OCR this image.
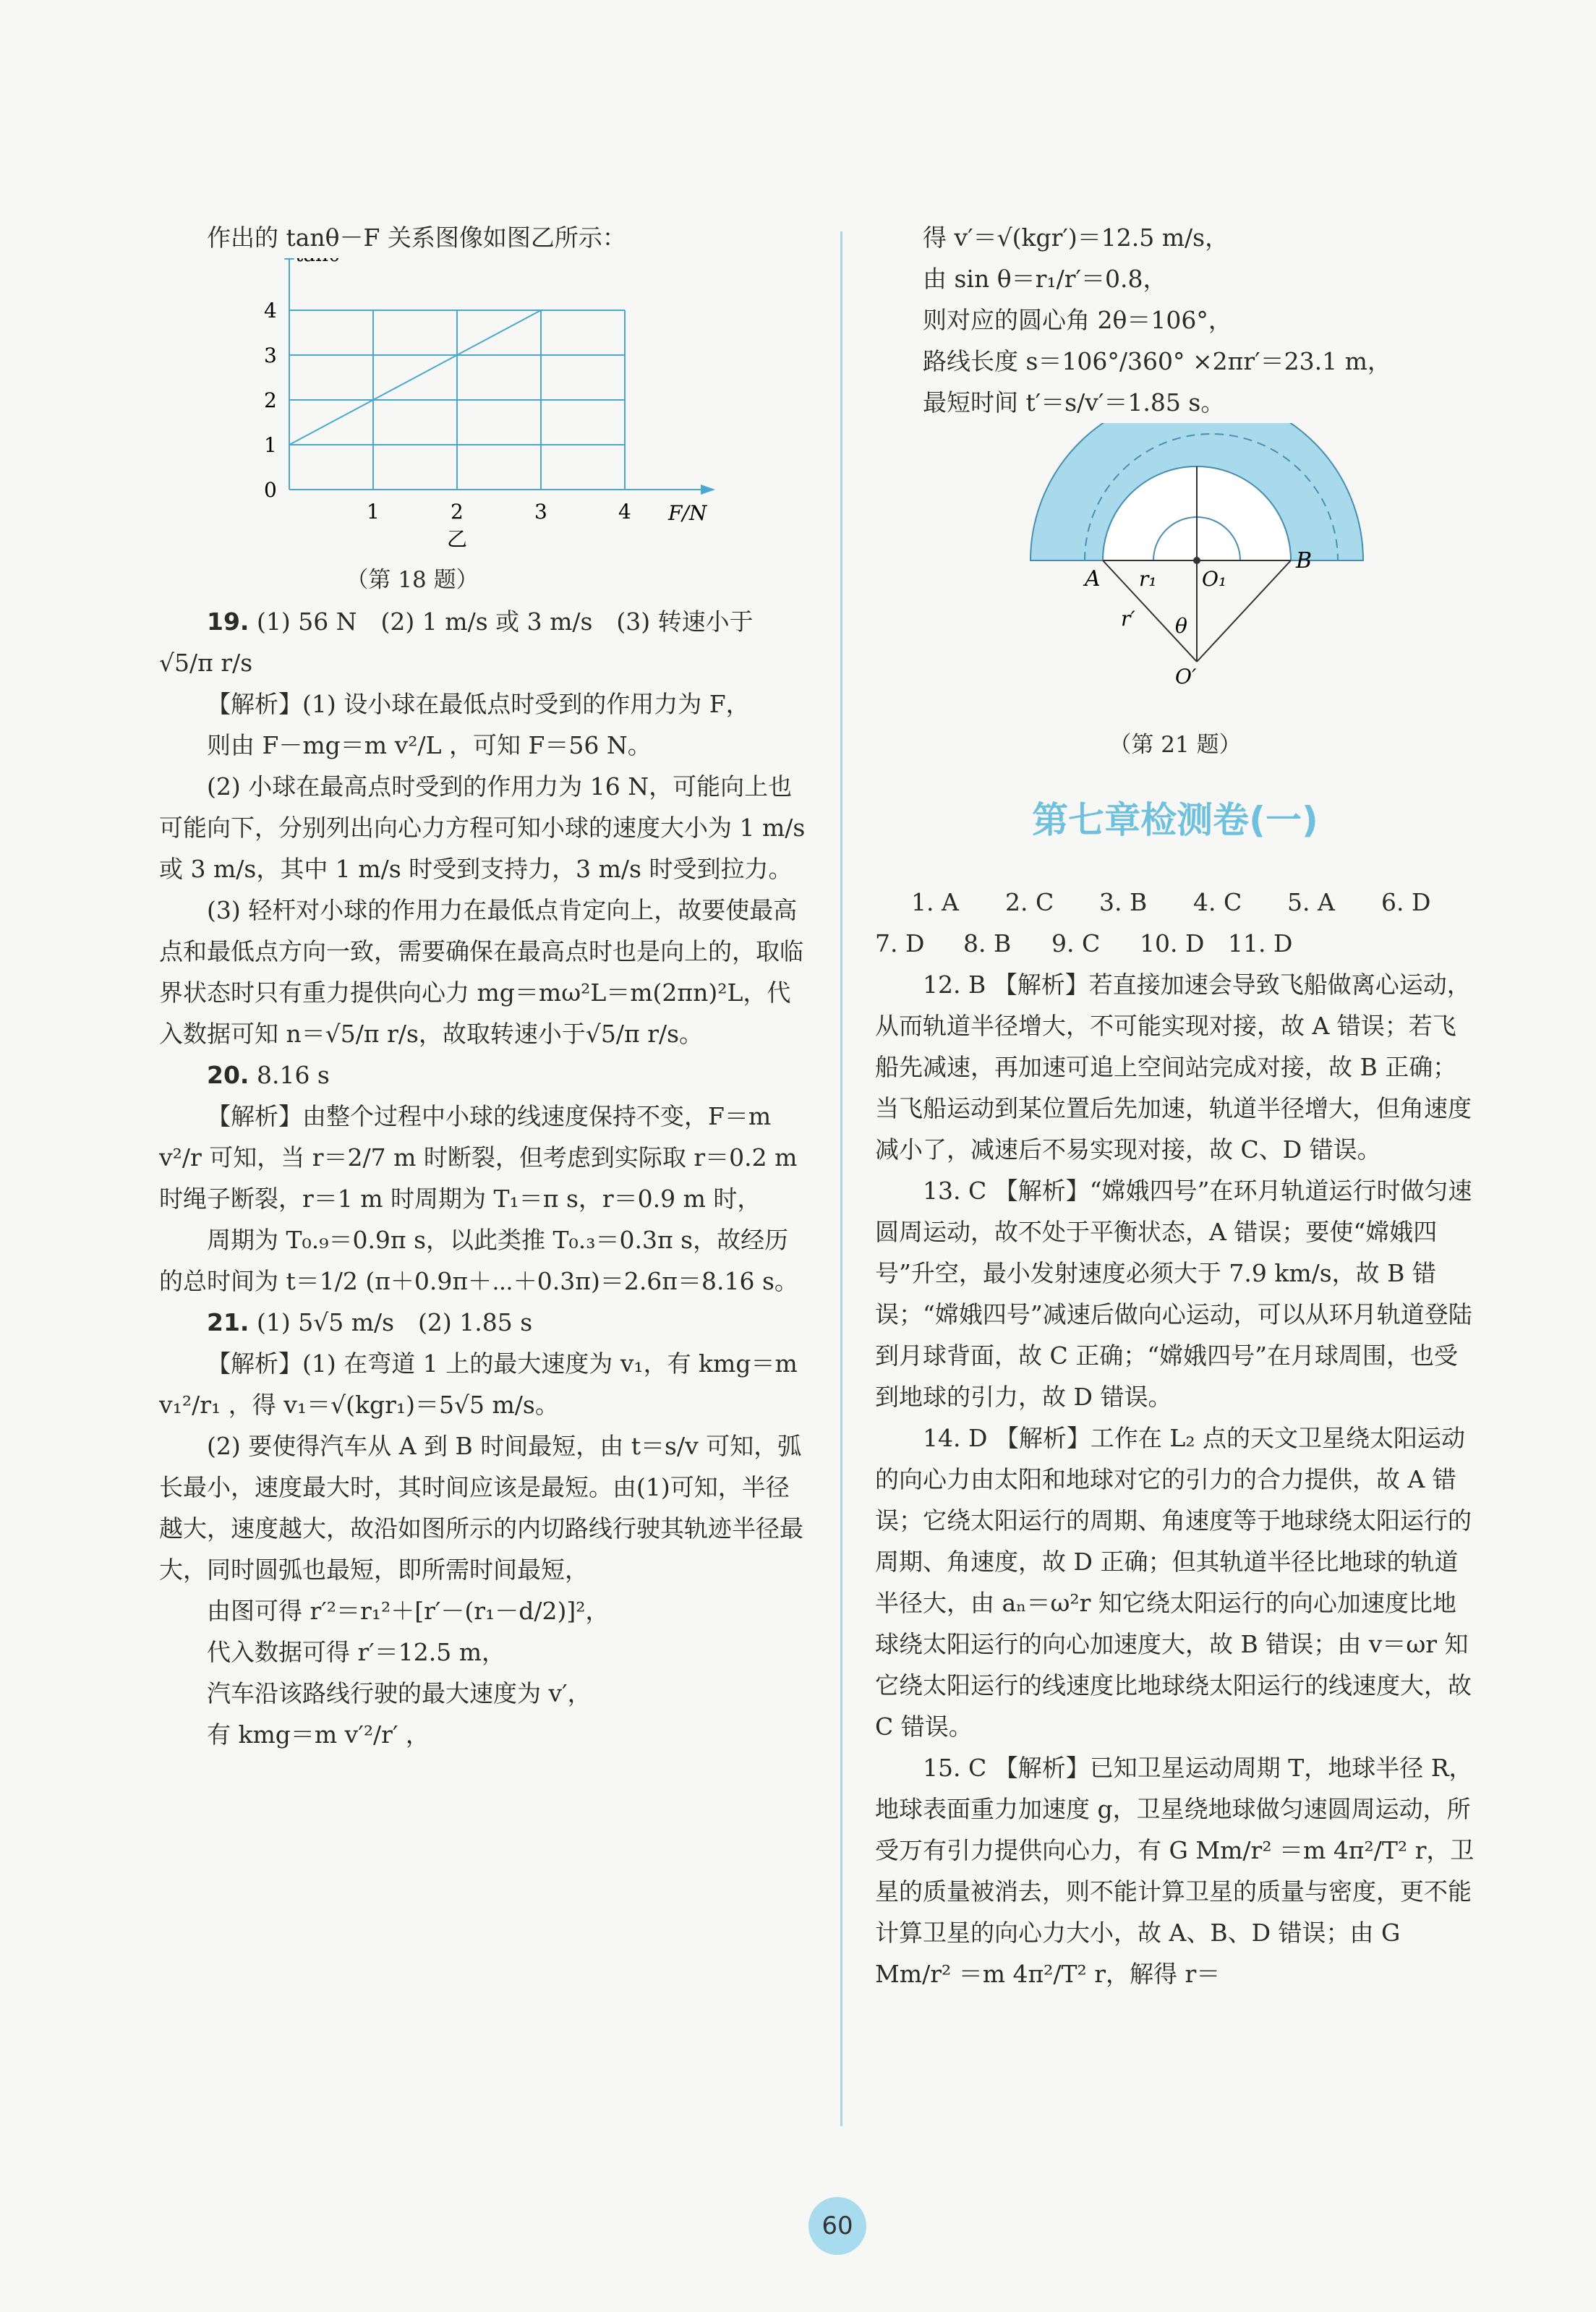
作出的 tanθ－F 关系图像如图乙所示：

1	2	3	4
1
2
3
4
0
F/N
乙

（第 18 题）

19. (1) 56 N　(2) 1 m/s 或 3 m/s　(3) 转速小于

√5/π r/s

【解析】(1) 设小球在最低点时受到的作用力为 F，

则由 F－mg＝m v²/L ，可知 F＝56 N。

(2) 小球在最高点时受到的作用力为 16 N，可能向上也可能向下，分别列出向心力方程可知小球的速度大小为 1 m/s 或 3 m/s，其中 1 m/s 时受到支持力，3 m/s 时受到拉力。

(3) 轻杆对小球的作用力在最低点肯定向上，故要使最高点和最低点方向一致，需要确保在最高点时也是向上的，取临界状态时只有重力提供向心力 mg＝mω²L＝m(2πn)²L，代入数据可知 n＝√5/π r/s，故取转速小于√5/π r/s。

20. 8.16 s

【解析】由整个过程中小球的线速度保持不变，F＝m v²/r 可知，当 r＝2/7 m 时断裂，但考虑到实际取 r＝0.2 m 时绳子断裂，r＝1 m 时周期为 T₁＝π s，r＝0.9 m 时，

周期为 T₀.₉＝0.9π s，以此类推 T₀.₃＝0.3π s，故经历的总时间为 t＝1/2 (π＋0.9π＋⋯＋0.3π)＝2.6π＝8.16 s。

21. (1) 5√5 m/s　(2) 1.85 s

【解析】(1) 在弯道 1 上的最大速度为 v₁，有 kmg＝m v₁²/r₁ ，得 v₁＝√(kgr₁)＝5√5 m/s。

(2) 要使得汽车从 A 到 B 时间最短，由 t＝s/v 可知，弧长最小，速度最大时，其时间应该是最短。由(1)可知，半径越大，速度越大，故沿如图所示的内切路线行驶其轨迹半径最大，同时圆弧也最短，即所需时间最短，

由图可得 r′²＝r₁²＋[r′－(r₁－d/2)]²，

代入数据可得 r′＝12.5 m，

汽车沿该路线行驶的最大速度为 v′，

有 kmg＝m v′²/r′ ，

得 v′＝√(kgr′)＝12.5 m/s，

由 sin θ＝r₁/r′＝0.8，

则对应的圆心角 2θ＝106°，

路线长度 s＝106°/360° ×2πr′＝23.1 m，

最短时间 t′＝s/v′＝1.85 s。

A
B
r₁ O₁
r′ θ
O′

（第 21 题）

第七章检测卷(一)
1. A	2. C	3. B	4. C	5. A	6. D
7. D	8. B	9. C	10. D 11. D

12. B 【解析】若直接加速会导致飞船做离心运动，从而轨道半径增大，不可能实现对接，故 A 错误；若飞船先减速，再加速可追上空间站完成对接，故 B 正确；当飞船运动到某位置后先加速，轨道半径增大，但角速度减小了，减速后不易实现对接，故 C、D 错误。

13. C 【解析】“嫦娥四号”在环月轨道运行时做匀速圆周运动，故不处于平衡状态，A 错误；要使“嫦娥四号”升空，最小发射速度必须大于 7.9 km/s，故 B 错误；“嫦娥四号”减速后做向心运动，可以从环月轨道登陆到月球背面，故 C 正确；“嫦娥四号”在月球周围，也受到地球的引力，故 D 错误。

14. D 【解析】工作在 L₂ 点的天文卫星绕太阳运动的向心力由太阳和地球对它的引力的合力提供，故 A 错误；它绕太阳运行的周期、角速度等于地球绕太阳运行的周期、角速度，故 D 正确；但其轨道半径比地球的轨道半径大，由 aₙ＝ω²r 知它绕太阳运行的向心加速度比地球绕太阳运行的向心加速度大，故 B 错误；由 v＝ωr 知它绕太阳运行的线速度比地球绕太阳运行的线速度大，故 C 错误。

15. C 【解析】已知卫星运动周期 T，地球半径 R，地球表面重力加速度 g，卫星绕地球做匀速圆周运动，所受万有引力提供向心力，有 G Mm/r² ＝m 4π²/T² r，卫星的质量被消去，则不能计算卫星的质量与密度，更不能计算卫星的向心力大小，故 A、B、D 错误；由 G Mm/r² ＝m 4π²/T² r，解得 r＝

60
